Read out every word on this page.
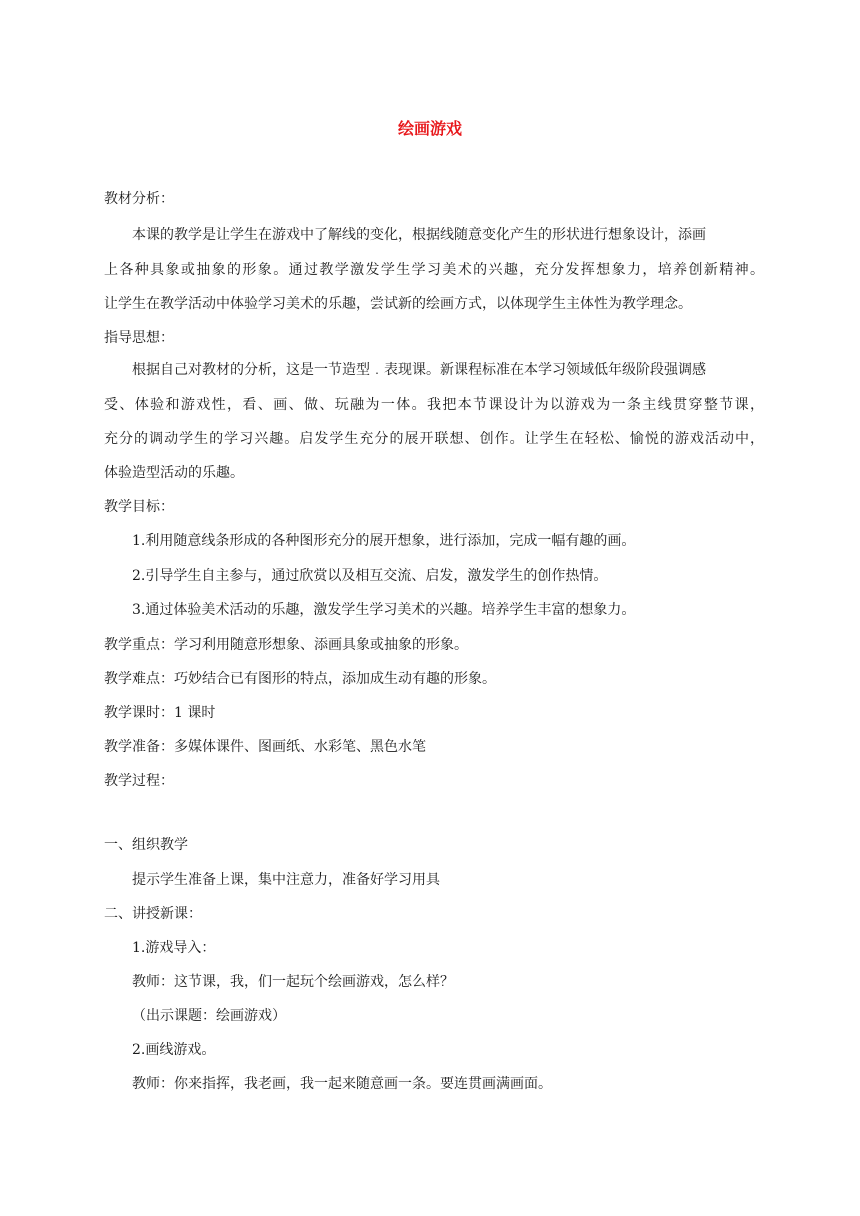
绘画游戏
教材分析：
本课的教学是让学生在游戏中了解线的变化，根据线随意变化产生的形状进行想象设计，添画
上各种具象或抽象的形象。通过教学激发学生学习美术的兴趣，充分发挥想象力，培养创新精神。
让学生在教学活动中体验学习美术的乐趣，尝试新的绘画方式，以体现学生主体性为教学理念。
指导思想：
根据自己对教材的分析，这是一节造型﹒表现课。新课程标准在本学习领域低年级阶段强调感
受、体验和游戏性，看、画、做、玩融为一体。我把本节课设计为以游戏为一条主线贯穿整节课，
充分的调动学生的学习兴趣。启发学生充分的展开联想、创作。让学生在轻松、愉悦的游戏活动中，
体验造型活动的乐趣。
教学目标：
1.利用随意线条形成的各种图形充分的展开想象，进行添加，完成一幅有趣的画。
2.引导学生自主参与，通过欣赏以及相互交流、启发，激发学生的创作热情。
3.通过体验美术活动的乐趣，激发学生学习美术的兴趣。培养学生丰富的想象力。
教学重点：学习利用随意形想象、添画具象或抽象的形象。
教学难点：巧妙结合已有图形的特点，添加成生动有趣的形象。
教学课时：1 课时
教学准备：多媒体课件、图画纸、水彩笔、黑色水笔
教学过程：
一、组织教学
提示学生准备上课，集中注意力，准备好学习用具
二、讲授新课：
1.游戏导入：
教师：这节课，我，们一起玩个绘画游戏，怎么样？
（出示课题：绘画游戏）
2.画线游戏。
教师：你来指挥，我老画，我一起来随意画一条。要连贯画满画面。
